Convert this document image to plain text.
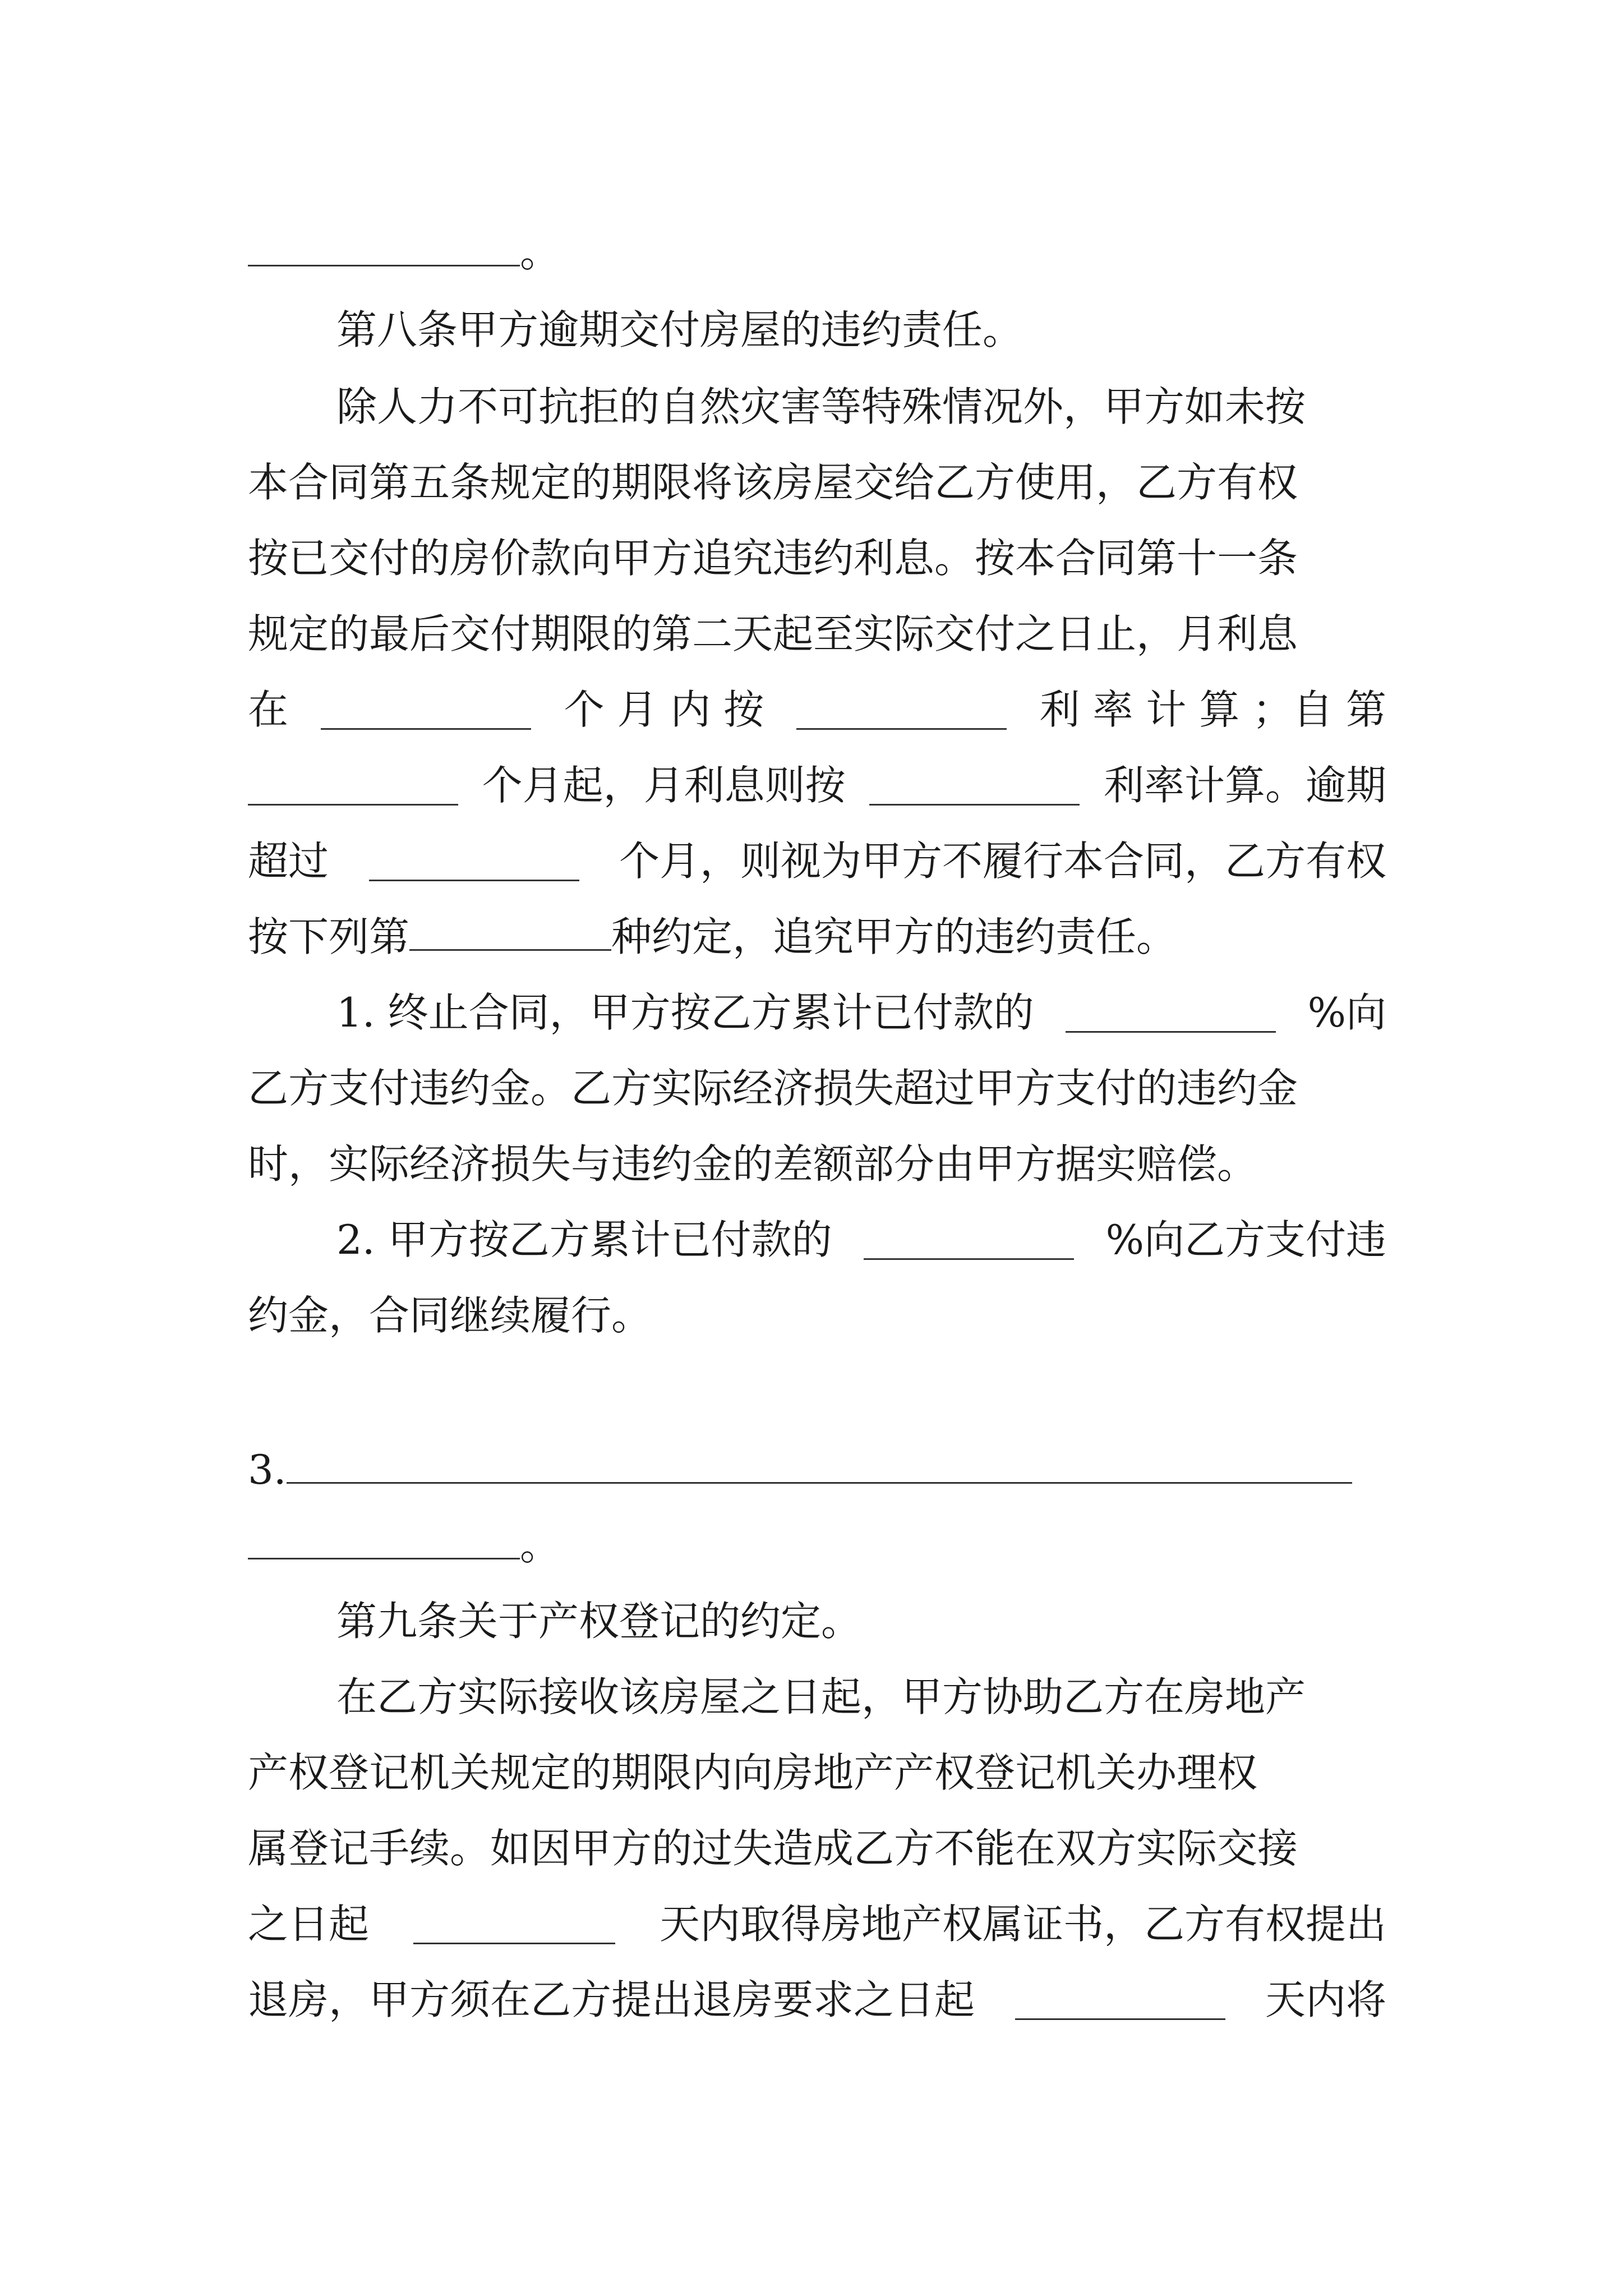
。
第八条甲方逾期交付房屋的违约责任。
除人力不可抗拒的自然灾害等特殊情况外，甲方如未按
本合同第五条规定的期限将该房屋交给乙方使用，乙方有权
按已交付的房价款向甲方追究违约利息。按本合同第十一条
规定的最后交付期限的第二天起至实际交付之日止，月利息
在	个 月 内 按	利 率 计 算 ；自 第
个月起，月利息则按	利率计算。逾期
超过	个月，则视为甲方不履行本合同，乙方有权
按下列第	种约定，追究甲方的违约责任。
1. 终止合同，甲方按乙方累计已付款的	%向
乙方支付违约金。乙方实际经济损失超过甲方支付的违约金
时，实际经济损失与违约金的差额部分由甲方据实赔偿。
2. 甲方按乙方累计已付款的	%向乙方支付违
约金，合同继续履行。
3.
。
第九条关于产权登记的约定。
在乙方实际接收该房屋之日起，甲方协助乙方在房地产
产权登记机关规定的期限内向房地产产权登记机关办理权
属登记手续。如因甲方的过失造成乙方不能在双方实际交接
之日起	天内取得房地产权属证书，乙方有权提出
退房，甲方须在乙方提出退房要求之日起	天内将
